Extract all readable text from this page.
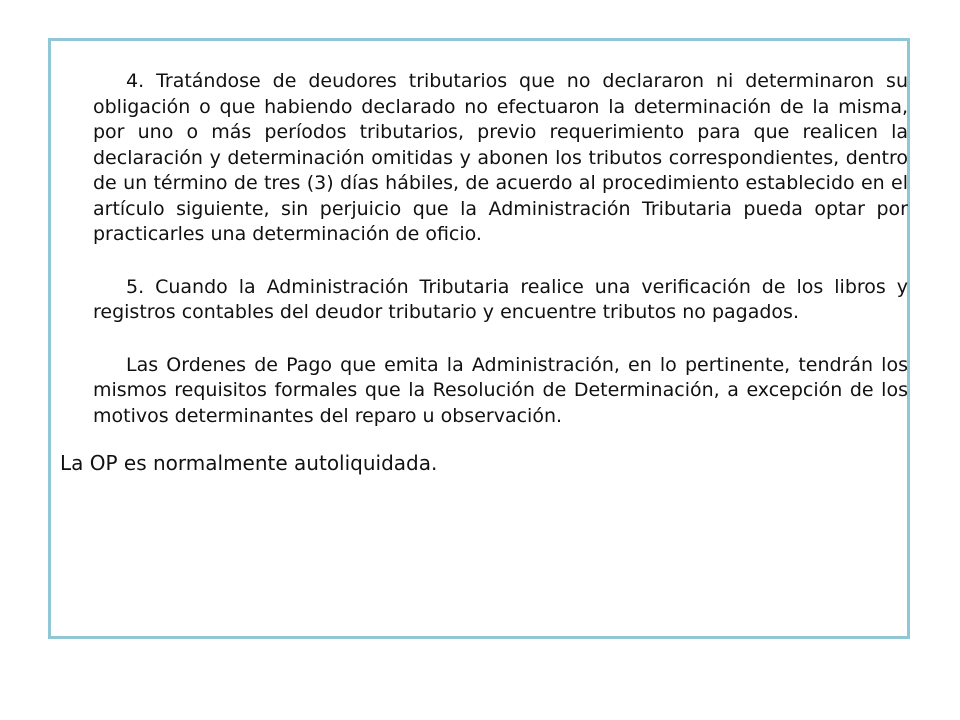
4. Tratándose de deudores tributarios que no declararon ni determinaron su obligación o que habiendo declarado no efectuaron la determinación de la misma, por uno o más períodos tributarios, previo requerimiento para que realicen la declaración y determinación omitidas y abonen los tributos correspondientes, dentro de un término de tres (3) días hábiles, de acuerdo al procedimiento establecido en el artículo siguiente, sin perjuicio que la Administración Tributaria pueda optar por practicarles una determinación de oficio.

5. Cuando la Administración Tributaria realice una verificación de los libros y registros contables del deudor tributario y encuentre tributos no pagados.

Las Ordenes de Pago que emita la Administración, en lo pertinente, tendrán los mismos requisitos formales que la Resolución de Determinación, a excepción de los motivos determinantes del reparo u observación.

La OP es normalmente autoliquidada.
